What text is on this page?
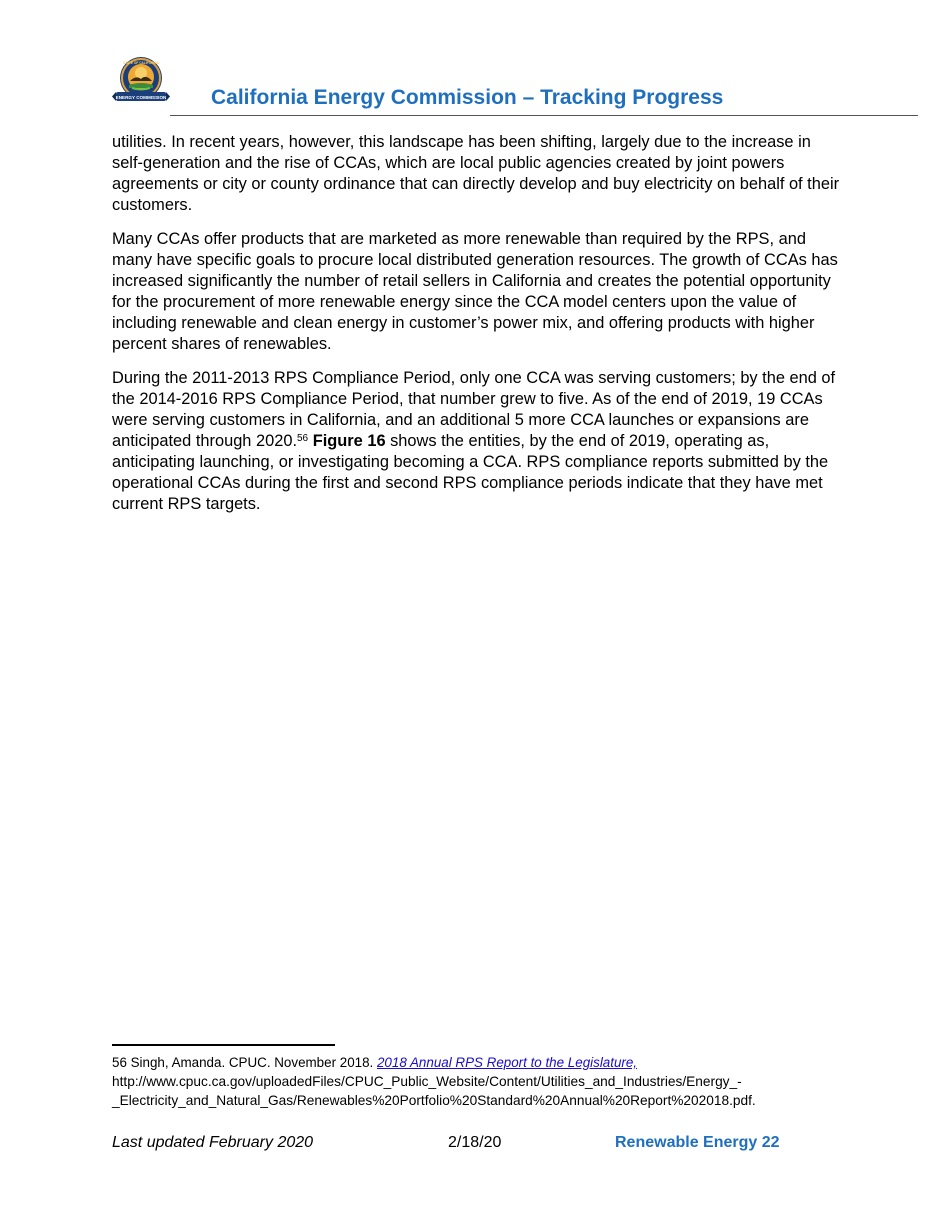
ENERGY COMMISSION
STATE OF CALIFORNIA
California Energy Commission – Tracking Progress

utilities. In recent years, however, this landscape has been shifting, largely due to the increase in self-generation and the rise of CCAs, which are local public agencies created by joint powers agreements or city or county ordinance that can directly develop and buy electricity on behalf of their customers.

Many CCAs offer products that are marketed as more renewable than required by the RPS, and many have specific goals to procure local distributed generation resources. The growth of CCAs has increased significantly the number of retail sellers in California and creates the potential opportunity for the procurement of more renewable energy since the CCA model centers upon the value of including renewable and clean energy in customer’s power mix, and offering products with higher percent shares of renewables.

During the 2011-2013 RPS Compliance Period, only one CCA was serving customers; by the end of the 2014-2016 RPS Compliance Period, that number grew to five. As of the end of 2019, 19 CCAs were serving customers in California, and an additional 5 more CCA launches or expansions are anticipated through 2020.56 Figure 16 shows the entities, by the end of 2019, operating as, anticipating launching, or investigating becoming a CCA. RPS compliance reports submitted by the operational CCAs during the first and second RPS compliance periods indicate that they have met current RPS targets.

56 Singh, Amanda. CPUC. November 2018. 2018 Annual RPS Report to the Legislature,
http://www.cpuc.ca.gov/uploadedFiles/CPUC_Public_Website/Content/Utilities_and_Industries/Energy_-
_Electricity_and_Natural_Gas/Renewables%20Portfolio%20Standard%20Annual%20Report%202018.pdf.
Last updated February 2020	2/18/20	Renewable Energy 22
